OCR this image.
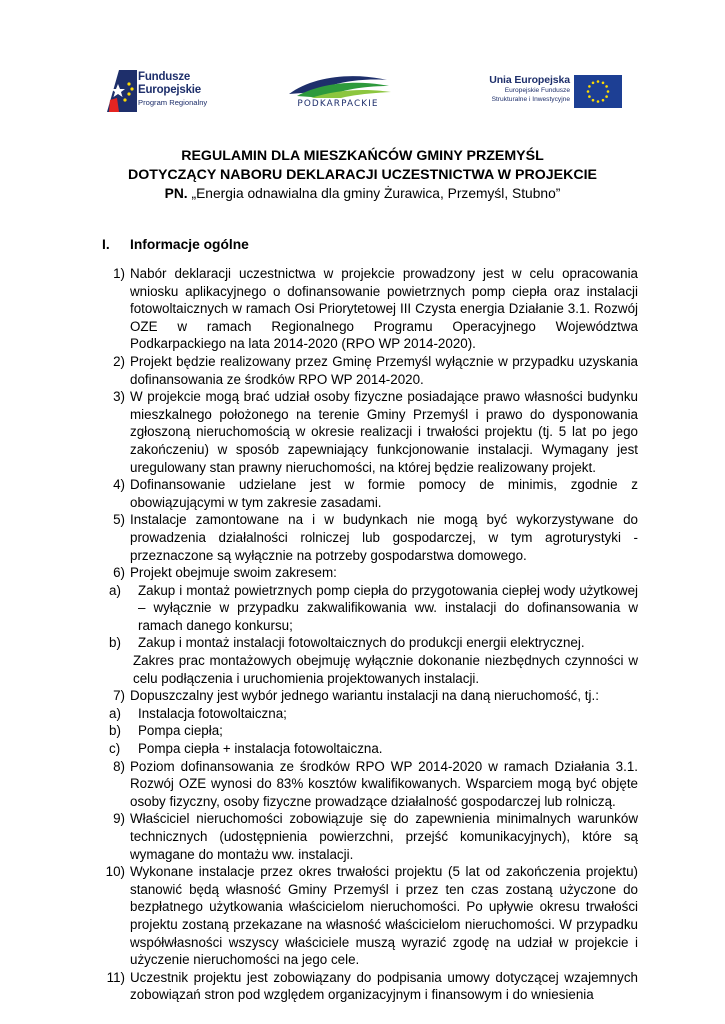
Fundusze
Europejskie
Program Regionalny	PODKARPACKIE
Unia Europejska
Europejskie Fundusze
Strukturalne i Inwestycyjne
REGULAMIN DLA MIESZKAŃCÓW GMINY PRZEMYŚL
DOTYCZĄCY NABORU DEKLARACJI UCZESTNICTWA W PROJEKCIE
PN. „Energia odnawialna dla gminy Żurawica, Przemyśl, Stubno”
I. Informacje ogólne
1) Nabór deklaracji uczestnictwa w projekcie prowadzony jest w celu opracowania wniosku aplikacyjnego o dofinansowanie powietrznych pomp ciepła oraz instalacji fotowoltaicznych w ramach Osi Priorytetowej III Czysta energia Działanie 3.1. Rozwój OZE w ramach Regionalnego Programu Operacyjnego Województwa Podkarpackiego na lata 2014-2020 (RPO WP 2014-2020).
2) Projekt będzie realizowany przez Gminę Przemyśl wyłącznie w przypadku uzyskania dofinansowania ze środków RPO WP 2014-2020.
3) W projekcie mogą brać udział osoby fizyczne posiadające prawo własności budynku mieszkalnego położonego na terenie Gminy Przemyśl i prawo do dysponowania zgłoszoną nieruchomością w okresie realizacji i trwałości projektu (tj. 5 lat po jego zakończeniu) w sposób zapewniający funkcjonowanie instalacji. Wymagany jest uregulowany stan prawny nieruchomości, na której będzie realizowany projekt.
4) Dofinansowanie udzielane jest w formie pomocy de minimis, zgodnie z obowiązującymi w tym zakresie zasadami.
5) Instalacje zamontowane na i w budynkach nie mogą być wykorzystywane do prowadzenia działalności rolniczej lub gospodarczej, w tym agroturystyki - przeznaczone są wyłącznie na potrzeby gospodarstwa domowego.
6) Projekt obejmuje swoim zakresem:
a) Zakup i montaż powietrznych pomp ciepła do przygotowania ciepłej wody użytkowej – wyłącznie w przypadku zakwalifikowania ww. instalacji do dofinansowania w ramach danego konkursu;
b) Zakup i montaż instalacji fotowoltaicznych do produkcji energii elektrycznej.
Zakres prac montażowych obejmuję wyłącznie dokonanie niezbędnych czynności w celu podłączenia i uruchomienia projektowanych instalacji.
7) Dopuszczalny jest wybór jednego wariantu instalacji na daną nieruchomość, tj.:
a) Instalacja fotowoltaiczna;
b) Pompa ciepła;
c) Pompa ciepła + instalacja fotowoltaiczna.
8) Poziom dofinansowania ze środków RPO WP 2014-2020 w ramach Działania 3.1. Rozwój OZE wynosi do 83% kosztów kwalifikowanych. Wsparciem mogą być objęte osoby fizyczny, osoby fizyczne prowadzące działalność gospodarczej lub rolniczą.
9) Właściciel nieruchomości zobowiązuje się do zapewnienia minimalnych warunków technicznych (udostępnienia powierzchni, przejść komunikacyjnych), które są wymagane do montażu ww. instalacji.
10) Wykonane instalacje przez okres trwałości projektu (5 lat od zakończenia projektu) stanowić będą własność Gminy Przemyśl i przez ten czas zostaną użyczone do bezpłatnego użytkowania właścicielom nieruchomości. Po upływie okresu trwałości projektu zostaną przekazane na własność właścicielom nieruchomości. W przypadku współwłasności wszyscy właściciele muszą wyrazić zgodę na udział w projekcie i użyczenie nieruchomości na jego cele.
11) Uczestnik projektu jest zobowiązany do podpisania umowy dotyczącej wzajemnych zobowiązań stron pod względem organizacyjnym i finansowym i do wniesienia
